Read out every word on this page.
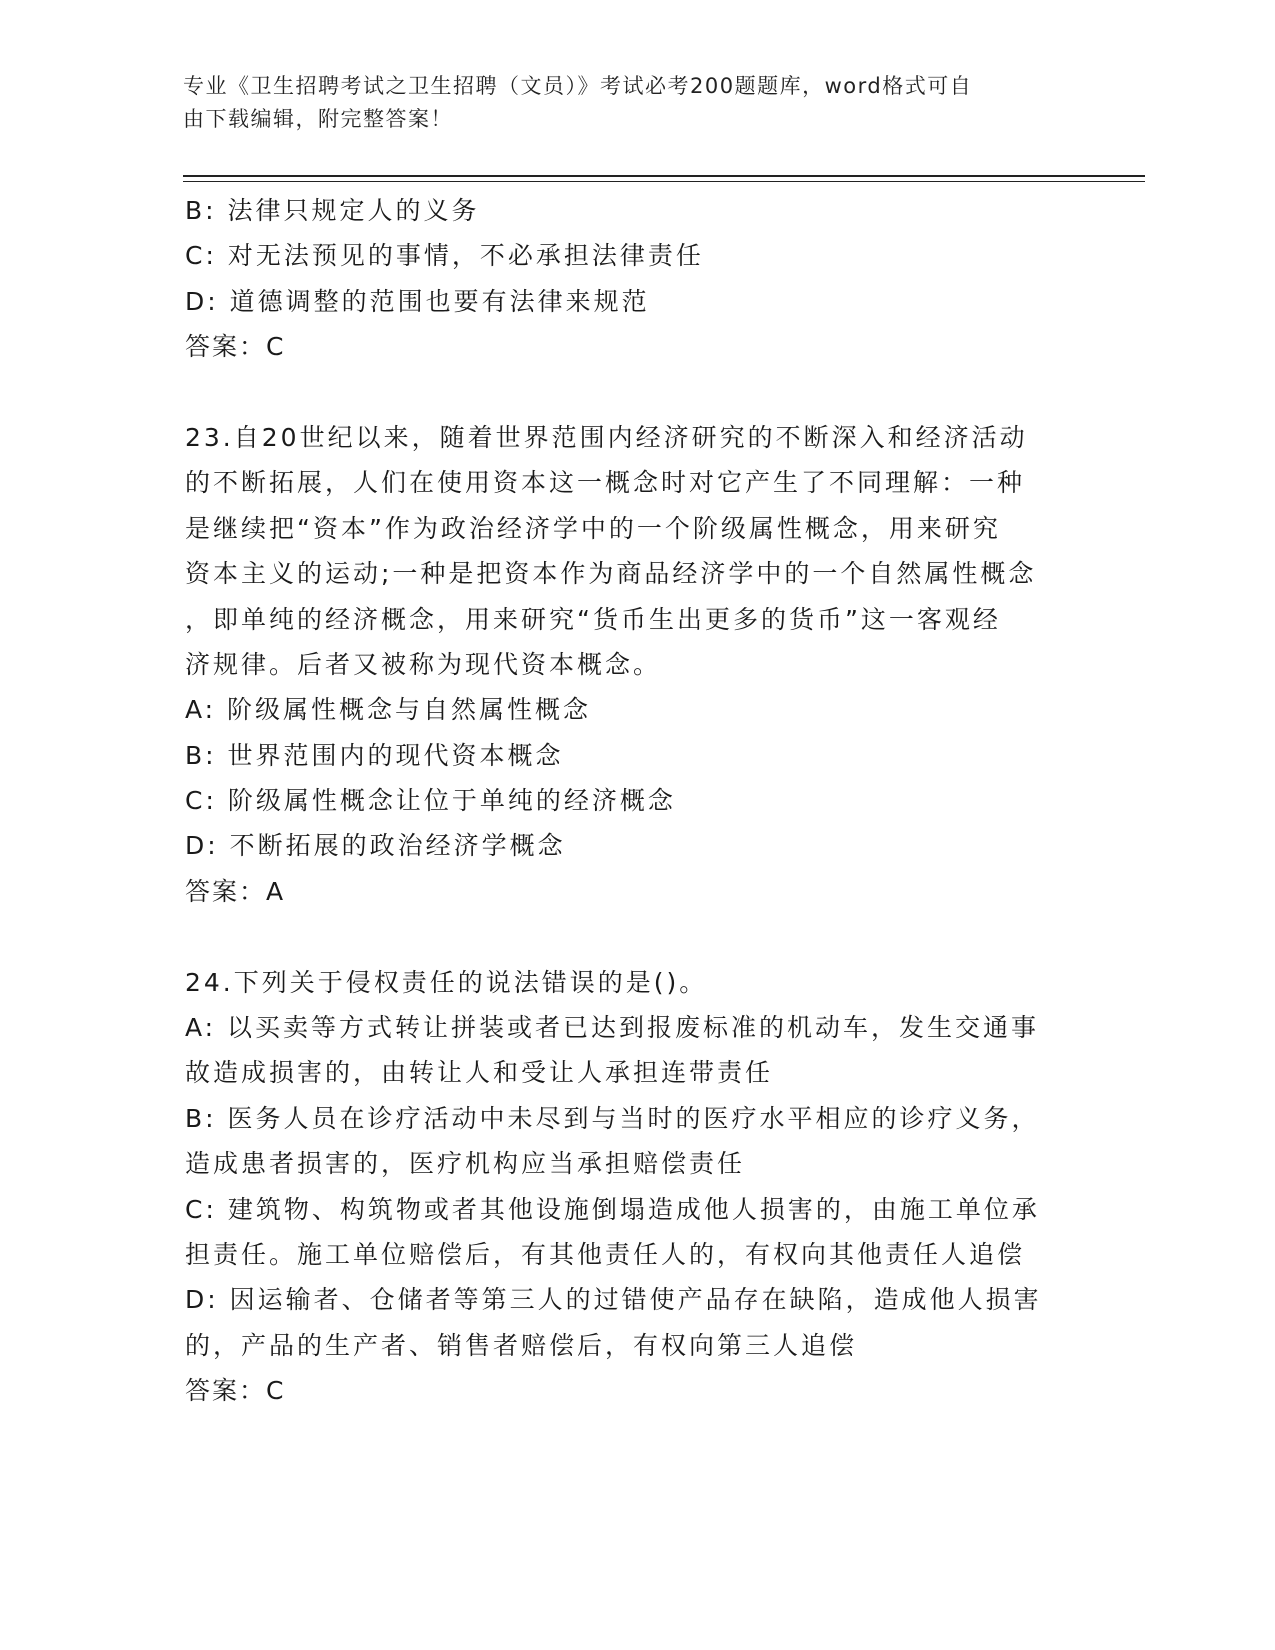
专业《卫生招聘考试之卫生招聘（文员）》考试必考200题题库，word格式可自
由下载编辑，附完整答案！
B: 法律只规定人的义务
C: 对无法预见的事情，不必承担法律责任
D: 道德调整的范围也要有法律来规范
答案：C
23.自20世纪以来，随着世界范围内经济研究的不断深入和经济活动
的不断拓展，人们在使用资本这一概念时对它产生了不同理解：一种
是继续把“资本”作为政治经济学中的一个阶级属性概念，用来研究
资本主义的运动;一种是把资本作为商品经济学中的一个自然属性概念
，即单纯的经济概念，用来研究“货币生出更多的货币”这一客观经
济规律。后者又被称为现代资本概念。
A: 阶级属性概念与自然属性概念
B: 世界范围内的现代资本概念
C: 阶级属性概念让位于单纯的经济概念
D: 不断拓展的政治经济学概念
答案：A
24.下列关于侵权责任的说法错误的是()。
A: 以买卖等方式转让拼装或者已达到报废标准的机动车，发生交通事
故造成损害的，由转让人和受让人承担连带责任
B: 医务人员在诊疗活动中未尽到与当时的医疗水平相应的诊疗义务，
造成患者损害的，医疗机构应当承担赔偿责任
C: 建筑物、构筑物或者其他设施倒塌造成他人损害的，由施工单位承
担责任。施工单位赔偿后，有其他责任人的，有权向其他责任人追偿
D: 因运输者、仓储者等第三人的过错使产品存在缺陷，造成他人损害
的，产品的生产者、销售者赔偿后，有权向第三人追偿
答案：C
